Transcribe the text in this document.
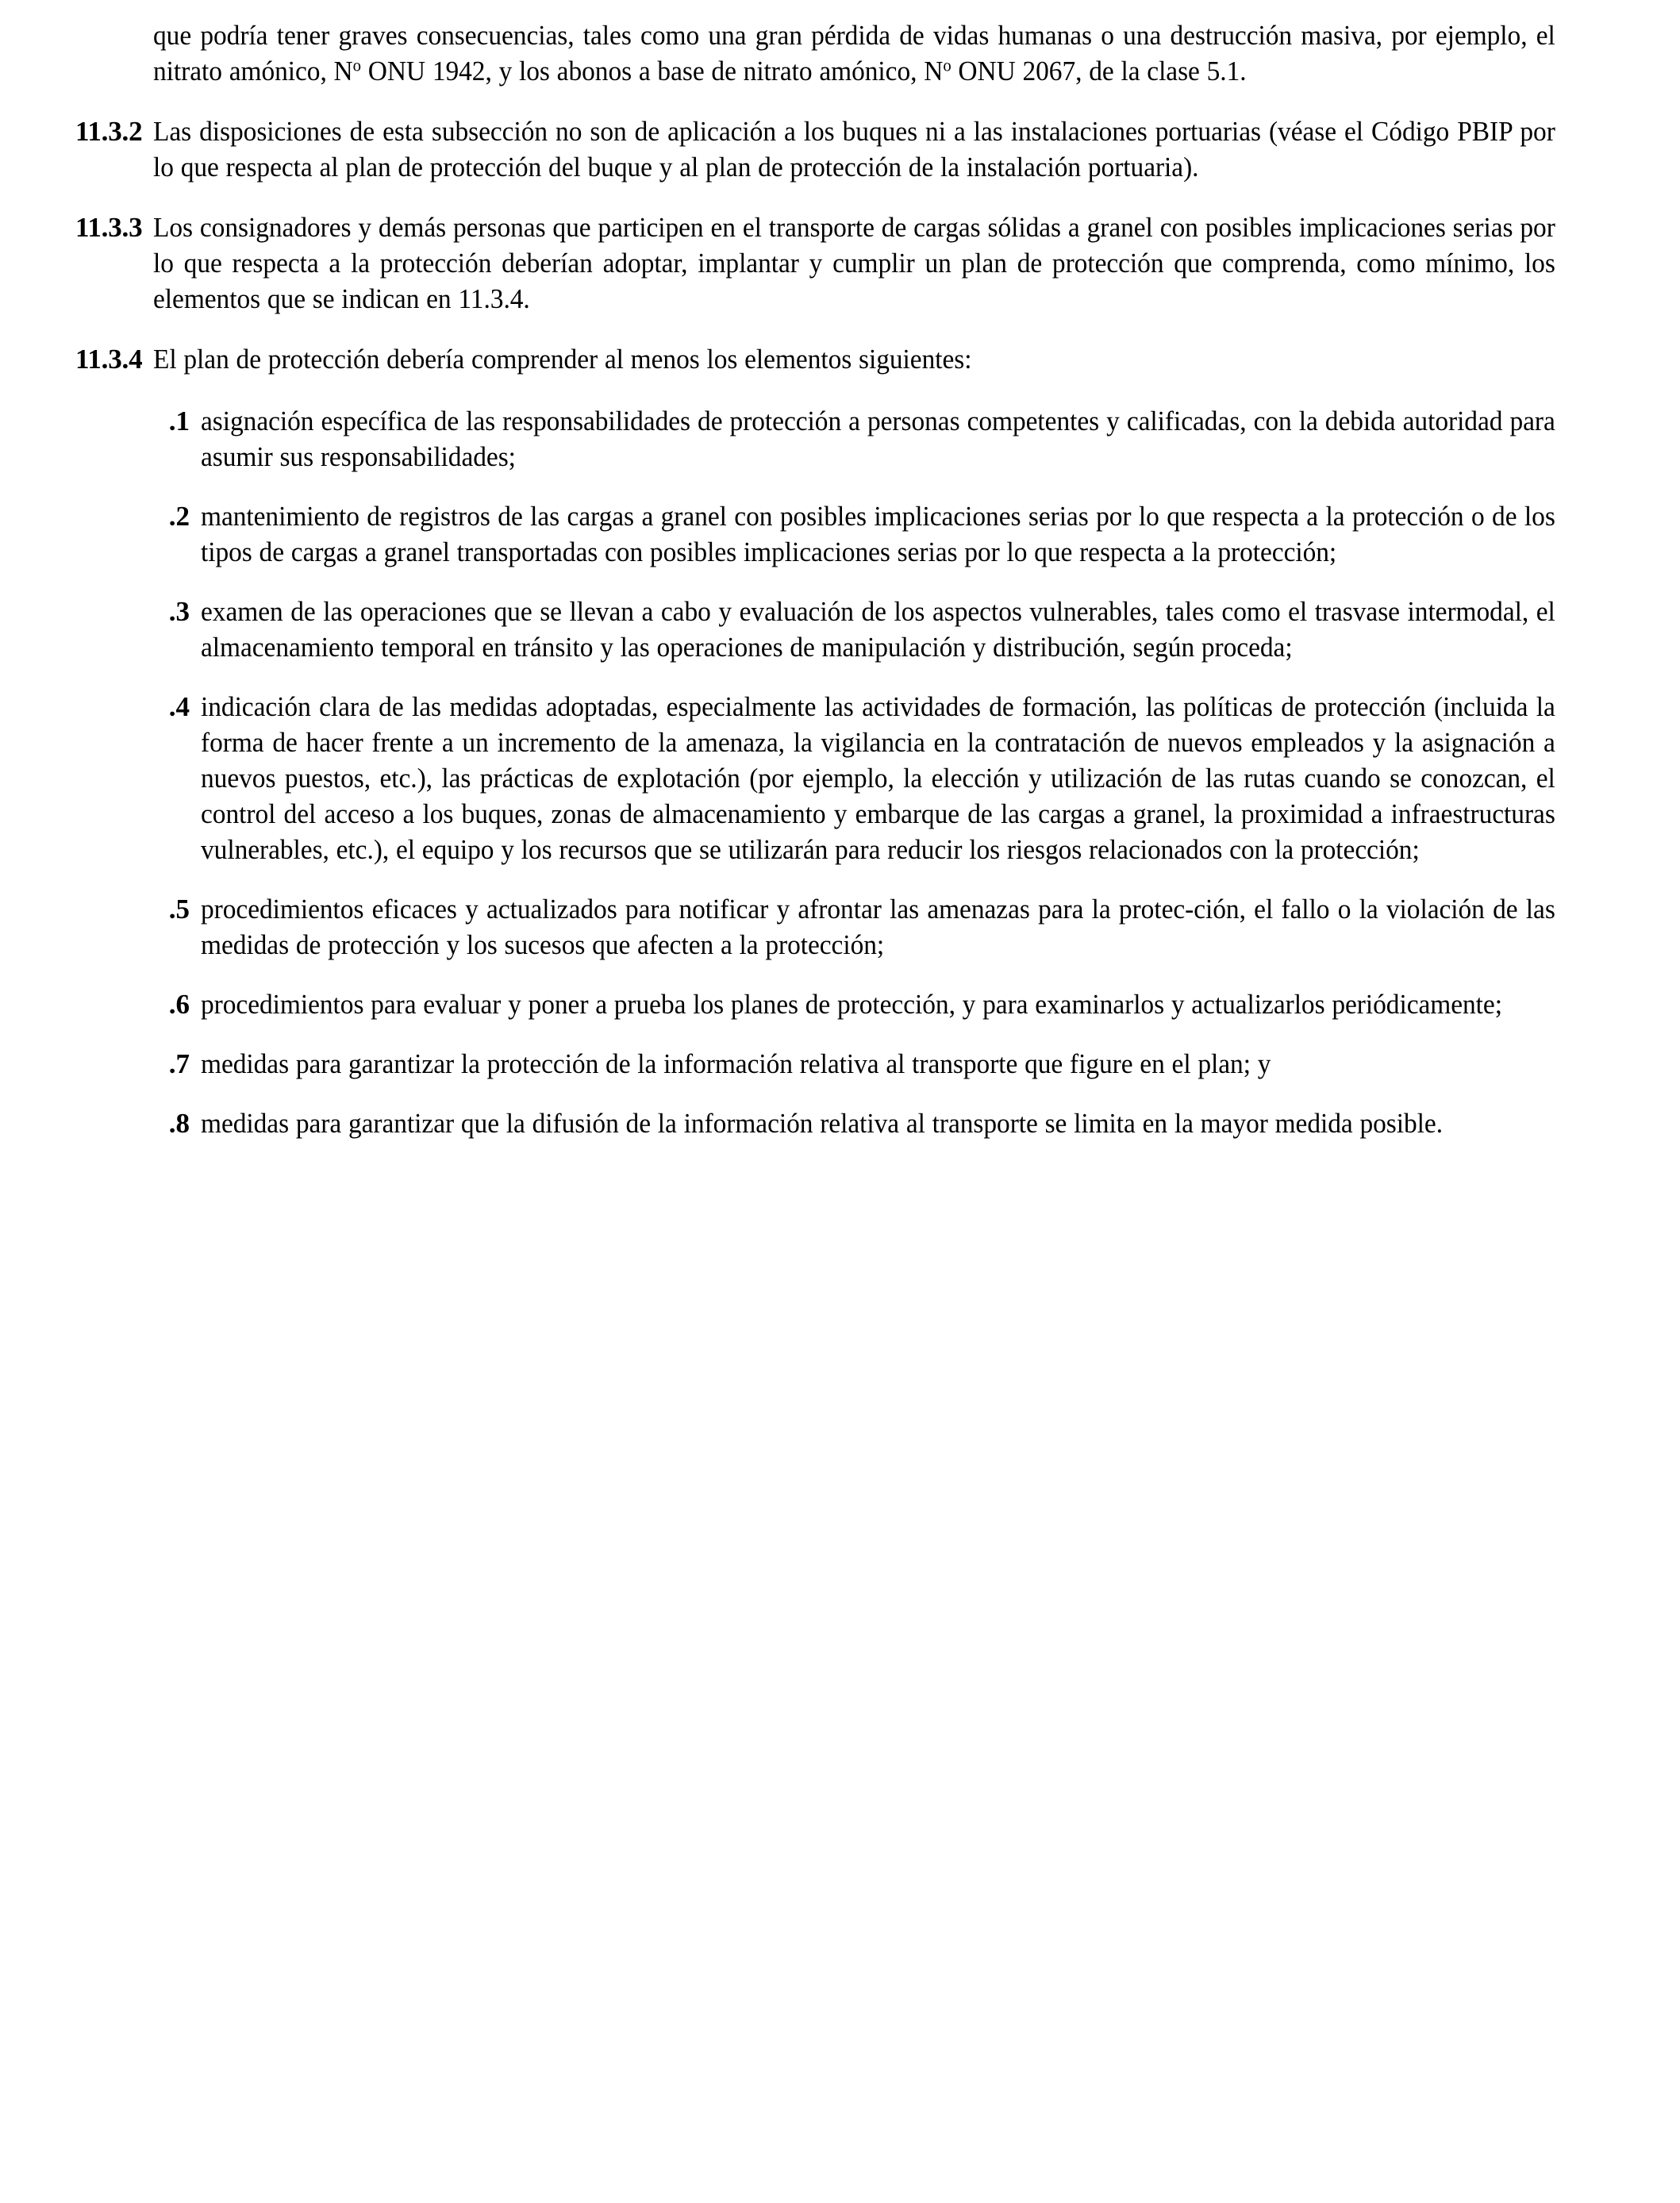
que podría tener graves consecuencias, tales como una gran pérdida de vidas humanas o una destrucción masiva, por ejemplo, el nitrato amónico, $N^o$ ONU 1942, y los abonos a base de nitrato amónico, $N^o$ ONU 2067, de la clase 5.1.
11.3.2 Las disposiciones de esta subsección no son de aplicación a los buques ni a las instalaciones portuarias (véase el Código PBIP por lo que respecta al plan de protección del buque y al plan de protección de la instalación portuaria).
11.3.3 Los consignadores y demás personas que participen en el transporte de cargas sólidas a granel con posibles implicaciones serias por lo que respecta a la protección deberían adoptar, implantar y cumplir un plan de protección que comprenda, como mínimo, los elementos que se indican en 11.3.4.
11.3.4 El plan de protección debería comprender al menos los elementos siguientes:
.1 asignación específica de las responsabilidades de protección a personas competentes y calificadas, con la debida autoridad para asumir sus responsabilidades;
.2 mantenimiento de registros de las cargas a granel con posibles implicaciones serias por lo que respecta a la protección o de los tipos de cargas a granel transportadas con posibles implicaciones serias por lo que respecta a la protección;
.3 examen de las operaciones que se llevan a cabo y evaluación de los aspectos vulnerables, tales como el trasvase intermodal, el almacenamiento temporal en tránsito y las operaciones de manipulación y distribución, según proceda;
.4 indicación clara de las medidas adoptadas, especialmente las actividades de formación, las políticas de protección (incluida la forma de hacer frente a un incremento de la amenaza, la vigilancia en la contratación de nuevos empleados y la asignación a nuevos puestos, etc.), las prácticas de explotación (por ejemplo, la elección y utilización de las rutas cuando se conozcan, el control del acceso a los buques, zonas de almacenamiento y embarque de las cargas a granel, la proximidad a infraestructuras vulnerables, etc.), el equipo y los recursos que se utilizarán para reducir los riesgos relacionados con la protección;
.5 procedimientos eficaces y actualizados para notificar y afrontar las amenazas para la protec-ción, el fallo o la violación de las medidas de protección y los sucesos que afecten a la protección;
.6 procedimientos para evaluar y poner a prueba los planes de protección, y para examinarlos y actualizarlos periódicamente;
.7 medidas para garantizar la protección de la información relativa al transporte que figure en el plan; y
.8 medidas para garantizar que la difusión de la información relativa al transporte se limita en la mayor medida posible.
